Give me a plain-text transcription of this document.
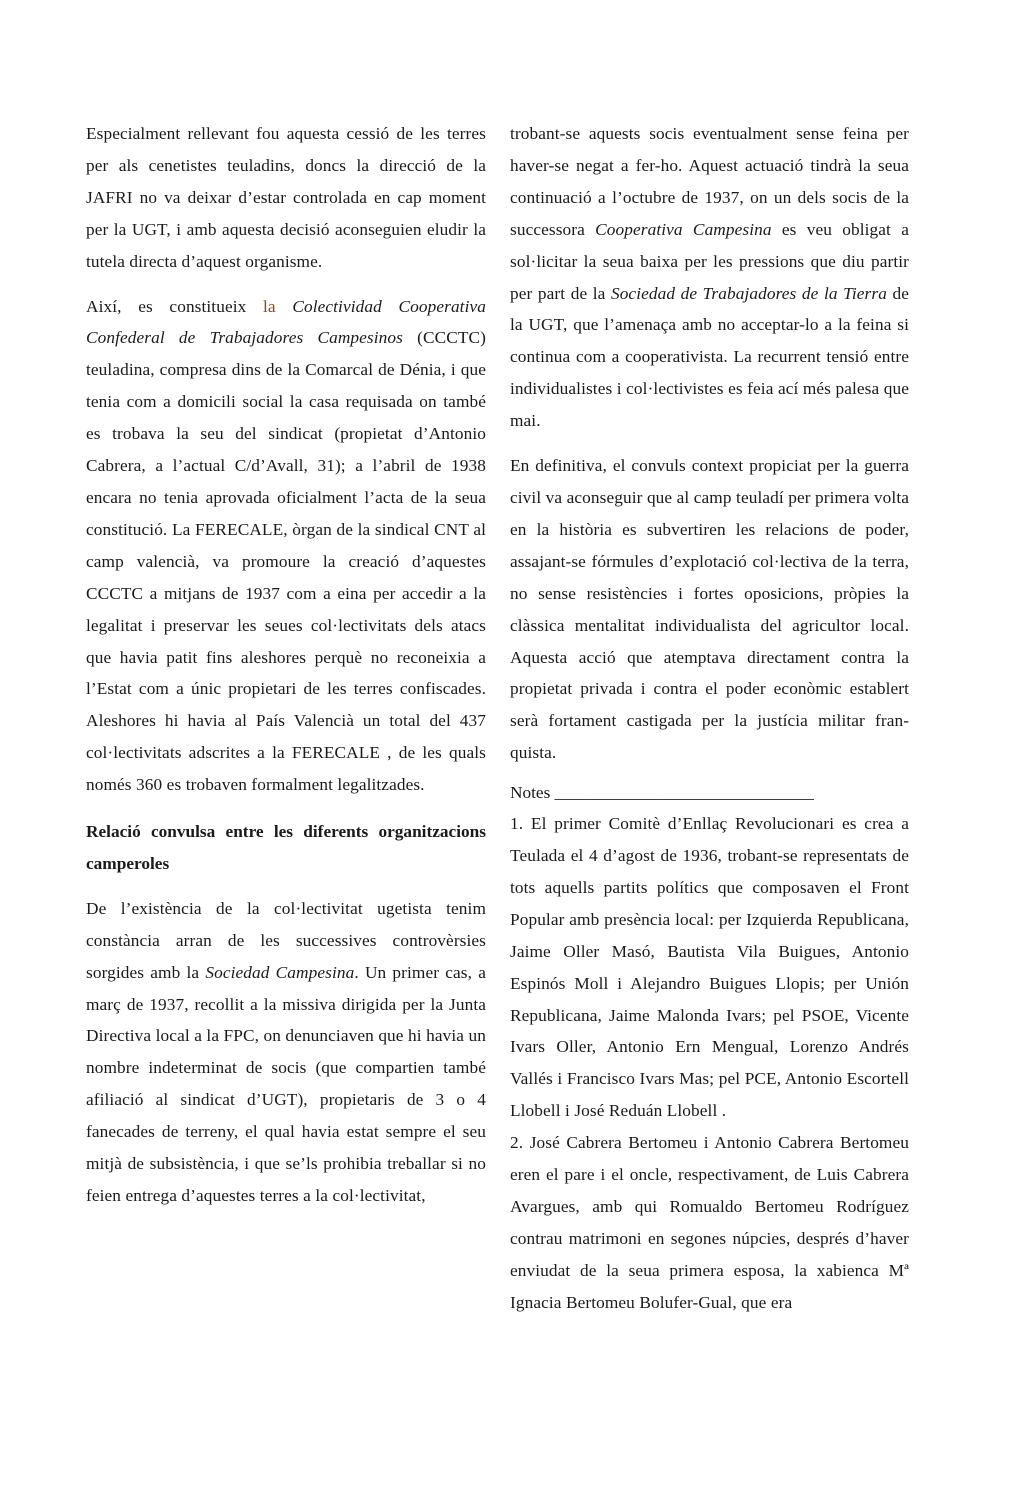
Especialment rellevant fou aquesta cessió de les terres per als cenetistes teuladins, doncs la direcció de la JAFRI no va deixar d’estar controlada en cap moment per la UGT, i amb aquesta decisió aconseguien eludir la tutela directa d’aquest organisme.

Així, es constitueix la Colectividad Cooperativa Confederal de Trabajadores Campesinos (CCCTC) teuladina, compresa dins de la Comarcal de Dénia, i que tenia com a domicili social la casa requisada on també es trobava la seu del sindicat (propietat d’Antonio Cabrera, a l’actual C/d’Avall, 31); a l’abril de 1938 encara no tenia aprovada oficialment l’acta de la seua constitució. La FERECALE, òrgan de la sindical CNT al camp valencià, va promoure la creació d’aquestes CCCTC a mitjans de 1937 com a eina per accedir a la legalitat i preservar les seues col·lectivitats dels atacs que havia patit fins aleshores perquè no reconeixia a l’Estat com a únic propietari de les terres confiscades. Aleshores hi havia al País Valencià un total del 437 col·lectivitats adscrites a la FERECALE , de les quals només 360 es trobaven formalment legalitzades.

Relació convulsa entre les diferents organitzacions camperoles

De l’existència de la col·lectivitat ugetista tenim constància arran de les successives controvèrsies sorgides amb la Sociedad Campesina. Un primer cas, a març de 1937, recollit a la missiva dirigida per la Junta Directiva local a la FPC, on denunciaven que hi havia un nombre indeterminat de socis (que compartien també afiliació al sindicat d’UGT), propietaris de 3 o 4 fanecades de terreny, el qual havia estat sempre el seu mitjà de subsistència, i que se’ls prohibia treballar si no feien entrega d’aquestes terres a la col·lectivitat,

trobant-se aquests socis eventualment sense feina per haver-se negat a fer-ho. Aquest actuació tindrà la seua continuació a l’octubre de 1937, on un dels socis de la successora Cooperativa Campesina es veu obligat a sol·licitar la seua baixa per les pressions que diu partir per part de la Sociedad de Trabajadores de la Tierra de la UGT, que l’amenaça amb no acceptar-lo a la feina si continua com a cooperativista. La recurrent tensió entre individualistes i col·lectivistes es feia ací més palesa que mai.

En definitiva, el convuls context propiciat per la guerra civil va aconseguir que al camp teuladí per primera volta en la història es subvertiren les relacions de poder, assajant-se fórmules d’explotació col·lectiva de la terra, no sense resistències i fortes oposicions, pròpies la clàssica mentalitat individualista del agricultor local. Aquesta acció que atemptava directament contra la propietat privada i contra el poder econòmic establert serà fortament castigada per la justícia militar franquista.

Notes ______________________________

1. El primer Comitè d’Enllaç Revolucionari es crea a Teulada el 4 d’agost de 1936, trobant-se representats de tots aquells partits polítics que composaven el Front Popular amb presència local: per Izquierda Republicana, Jaime Oller Masó, Bautista Vila Buigues, Antonio Espinós Moll i Alejandro Buigues Llopis; per Unión Republicana, Jaime Malonda Ivars; pel PSOE, Vicente Ivars Oller, Antonio Ern Mengual, Lorenzo Andrés Vallés i Francisco Ivars Mas; pel PCE, Antonio Escortell Llobell i José Reduán Llobell .

2. José Cabrera Bertomeu i Antonio Cabrera Bertomeu eren el pare i el oncle, respectivament, de Luis Cabrera Avargues, amb qui Romualdo Bertomeu Rodríguez contrau matrimoni en segones núpcies, després d’haver enviudat de la seua primera esposa, la xabienca Mª Ignacia Bertomeu Bolufer-Gual, que era
